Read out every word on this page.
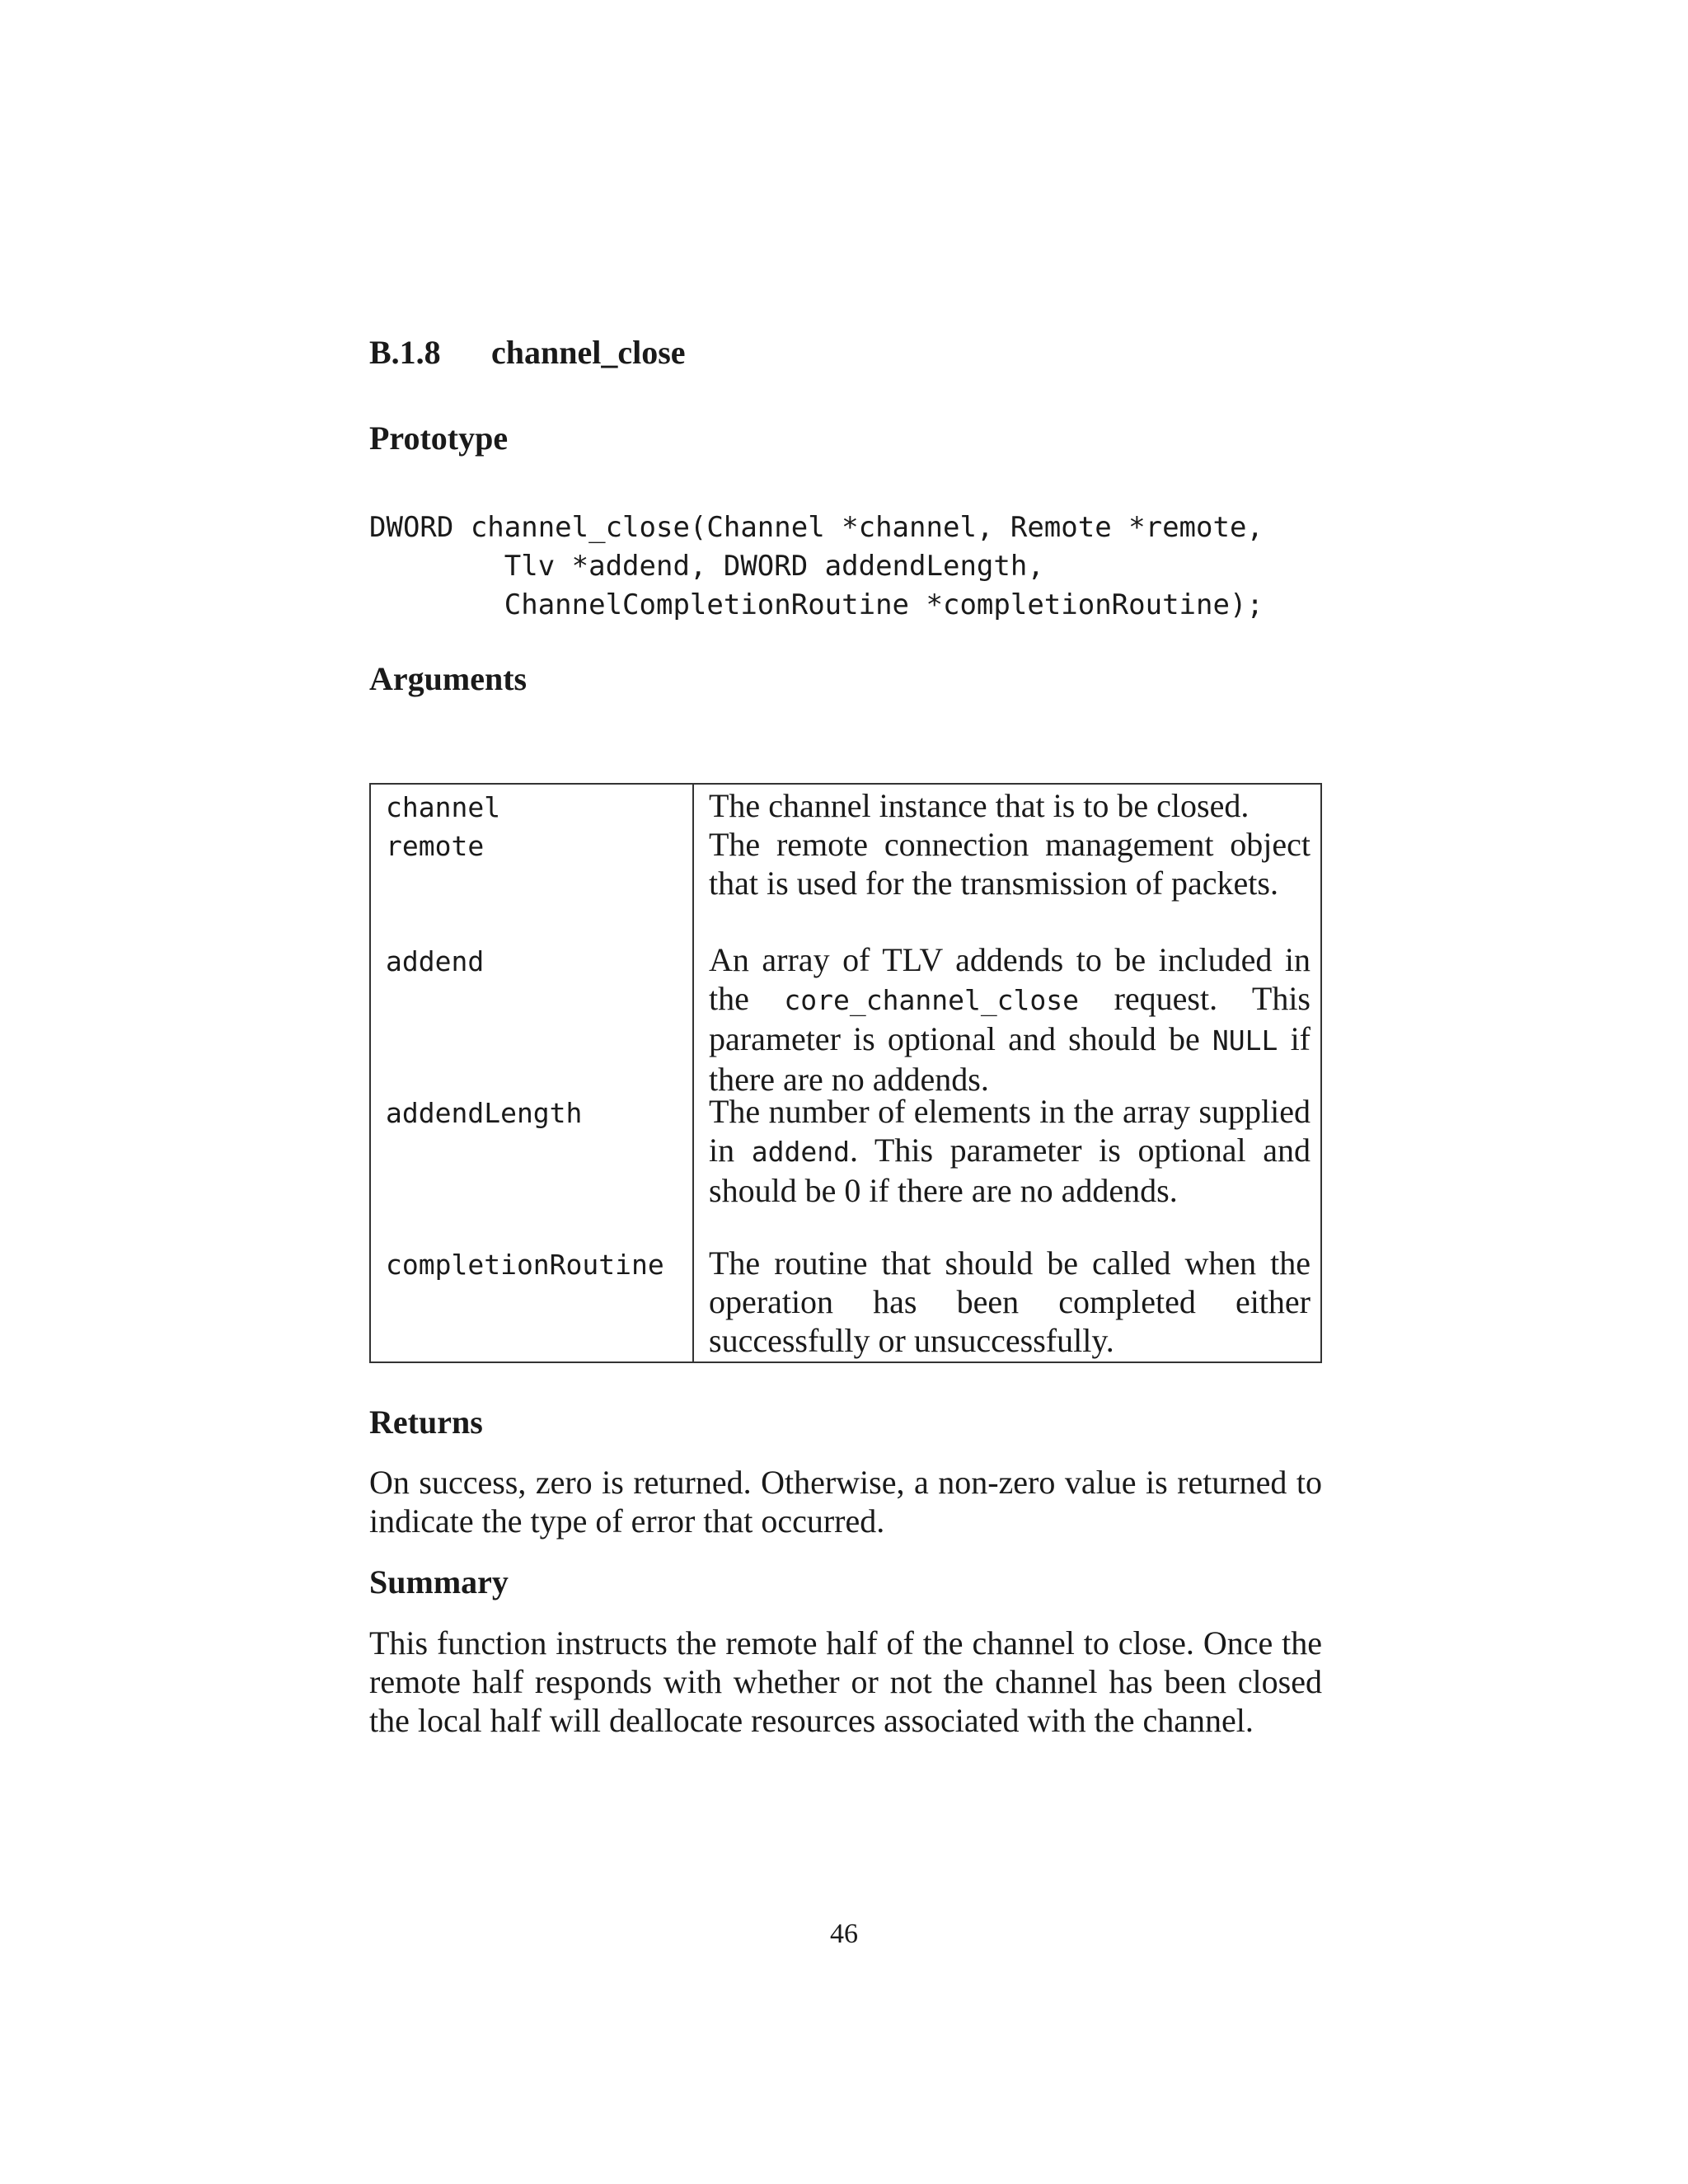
B.1.8 channel_close
Prototype
DWORD channel_close(Channel *channel, Remote *remote,
Tlv *addend, DWORD addendLength,
ChannelCompletionRoutine *completionRoutine);
Arguments
channel	The channel instance that is to be closed.
remote	The remote connection management object that is used for the transmission of packets.
addend	An array of TLV addends to be included in the core_channel_close request. This parameter is optional and should be NULL if there are no addends.
addendLength	The number of elements in the array supplied in addend. This parameter is optional and should be 0 if there are no addends.
completionRoutine The routine that should be called when the operation has been completed either successfully or unsuccessfully.
Returns

On success, zero is returned. Otherwise, a non-zero value is returned to indicate the type of error that occurred.

Summary

This function instructs the remote half of the channel to close. Once the remote half responds with whether or not the channel has been closed the local half will deallocate resources associated with the channel.

46
